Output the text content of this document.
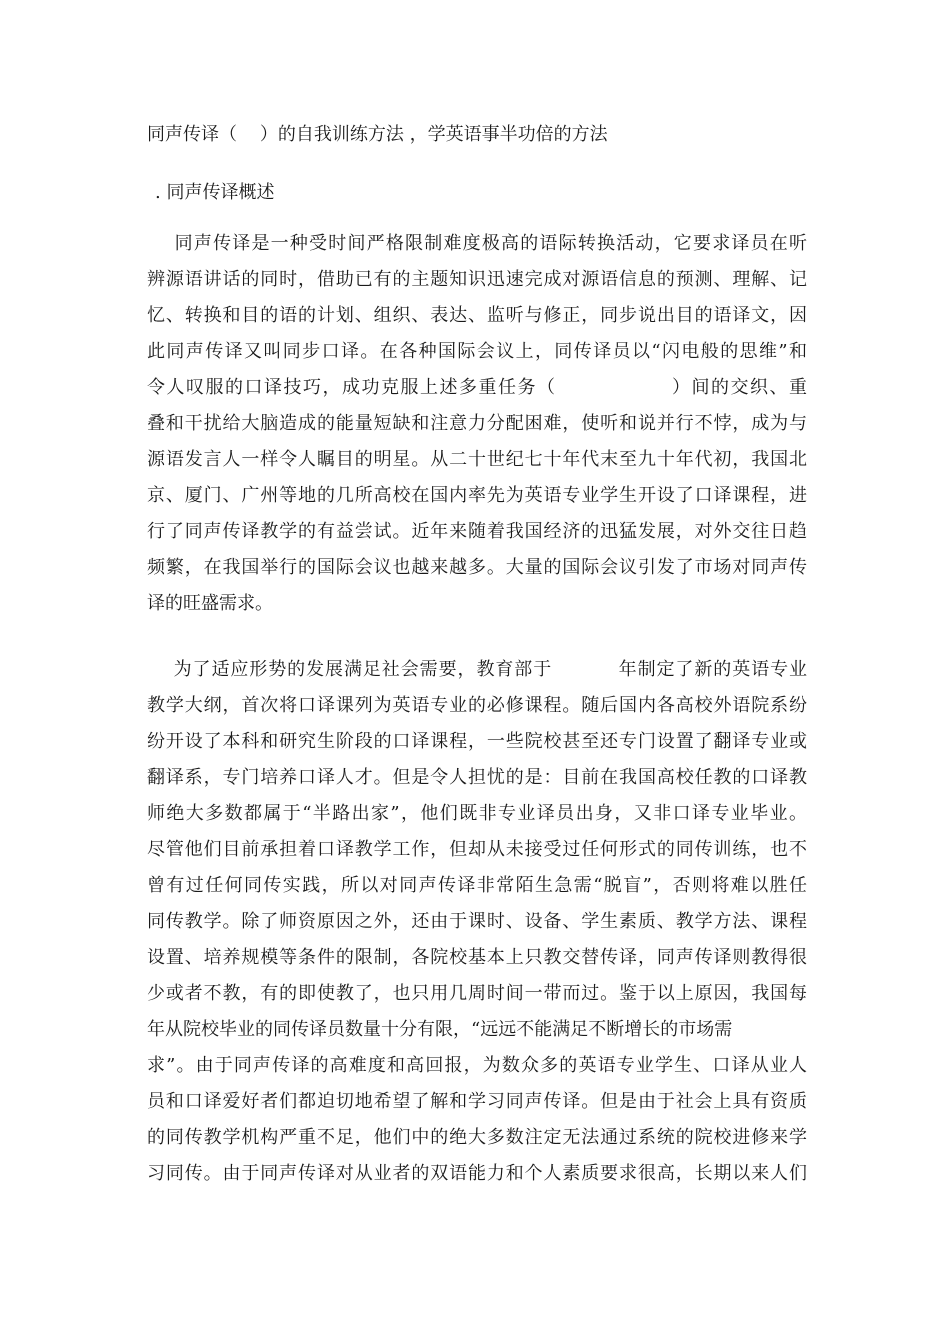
同声传译（    ）的自我训练方法 ，学英语事半功倍的方法
. 同声传译概述
同声传译是一种受时间严格限制难度极高的语际转换活动，它要求译员在听
辨源语讲话的同时，借助已有的主题知识迅速完成对源语信息的预测、理解、记
忆、转换和目的语的计划、组织、表达、监听与修正，同步说出目的语译文，因
此同声传译又叫同步口译。在各种国际会议上，同传译员以“闪电般的思维”和
令人叹服的口译技巧，成功克服上述多重任务（                ）间的交织、重
叠和干扰给大脑造成的能量短缺和注意力分配困难，使听和说并行不悖，成为与
源语发言人一样令人瞩目的明星。从二十世纪七十年代末至九十年代初，我国北
京、厦门、广州等地的几所高校在国内率先为英语专业学生开设了口译课程，进
行了同声传译教学的有益尝试。近年来随着我国经济的迅猛发展，对外交往日趋
频繁，在我国举行的国际会议也越来越多。大量的国际会议引发了市场对同声传
译的旺盛需求。
为了适应形势的发展满足社会需要，教育部于          年制定了新的英语专业
教学大纲，首次将口译课列为英语专业的必修课程。随后国内各高校外语院系纷
纷开设了本科和研究生阶段的口译课程，一些院校甚至还专门设置了翻译专业或
翻译系，专门培养口译人才。但是令人担忧的是：目前在我国高校任教的口译教
师绝大多数都属于“半路出家”，他们既非专业译员出身，又非口译专业毕业。
尽管他们目前承担着口译教学工作，但却从未接受过任何形式的同传训练，也不
曾有过任何同传实践，所以对同声传译非常陌生急需“脱盲”，否则将难以胜任
同传教学。除了师资原因之外，还由于课时、设备、学生素质、教学方法、课程
设置、培养规模等条件的限制，各院校基本上只教交替传译，同声传译则教得很
少或者不教，有的即使教了，也只用几周时间一带而过。鉴于以上原因，我国每
年从院校毕业的同传译员数量十分有限，“远远不能满足不断增长的市场需
求”。由于同声传译的高难度和高回报，为数众多的英语专业学生、口译从业人
员和口译爱好者们都迫切地希望了解和学习同声传译。但是由于社会上具有资质
的同传教学机构严重不足，他们中的绝大多数注定无法通过系统的院校进修来学
习同传。由于同声传译对从业者的双语能力和个人素质要求很高，长期以来人们
